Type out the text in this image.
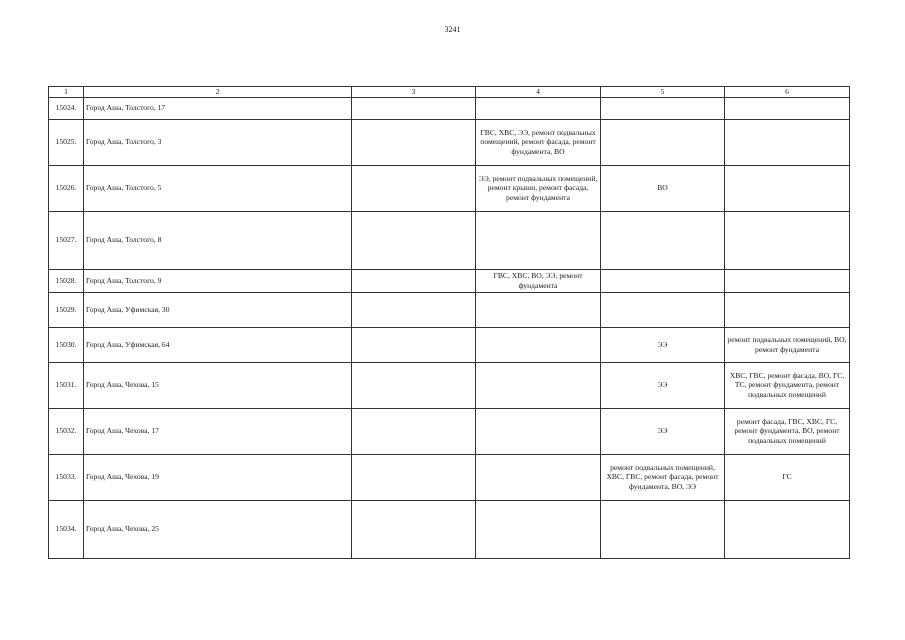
3241
1	2	3	4	5	6
15024.	Город Аша, Толстого, 17				
15025.	Город Аша, Толстого, 3		ГВС, ХВС, ЭЭ, ремонт подвальных помещений, ремонт фасада, ремонт фундамента, ВО		
15026.	Город Аша, Толстого, 5		ЭЭ, ремонт подвальных помещений, ремонт крыши, ремонт фасада, ремонт фундамента	ВО	
15027.	Город Аша, Толстого, 8				
15028.	Город Аша, Толстого, 9		ГВС, ХВС, ВО, ЭЭ, ремонт фундамента		
15029.	Город Аша, Уфимская, 30				
15030.	Город Аша, Уфимская, 64			ЭЭ	ремонт подвальных помещений, ВО, ремонт фундамента
15031.	Город Аша, Чехова, 15			ЭЭ	ХВС, ГВС, ремонт фасада, ВО, ГС, ТС, ремонт фундамента, ремонт подвальных помещений
15032.	Город Аша, Чехова, 17			ЭЭ	ремонт фасада, ГВС, ХВС, ГС, ремонт фундамента, ВО, ремонт подвальных помещений
15033.	Город Аша, Чехова, 19			ремонт подвальных помещений, ХВС, ГВС, ремонт фасада, ремонт фундамента, ВО, ЭЭ	ГС
15034.	Город Аша, Чехова, 25				
